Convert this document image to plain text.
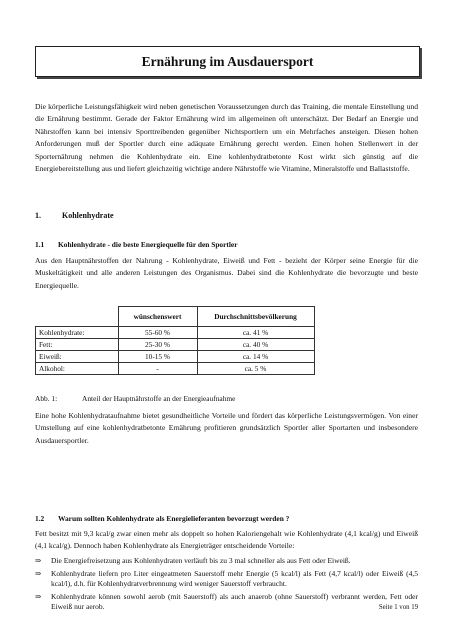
Ernährung im Ausdauersport

Die körperliche Leistungsfähigkeit wird neben genetischen Voraussetzungen durch das Training, die mentale Einstellung und die Ernährung bestimmt. Gerade der Faktor Ernährung wird im allgemeinen oft unterschätzt. Der Bedarf an Energie und Nährstoffen kann bei intensiv Sporttreibenden gegenüber Nichtsportlern um ein Mehrfaches ansteigen. Diesen hohen Anforderungen muß der Sportler durch eine adäquate Ernährung gerecht werden. Einen hohen Stellenwert in der Sporternährung nehmen die Kohlenhydrate ein. Eine kohlenhydratbetonte Kost wirkt sich günstig auf die Energiebereitstellung aus und liefert gleichzeitig wichtige andere Nährstoffe wie Vitamine, Mineralstoffe und Ballaststoffe.

1.	Kohlenhydrate
1.1 Kohlenhydrate - die beste Energiequelle für den Sportler

Aus den Hauptnährstoffen der Nahrung - Kohlenhydrate, Eiweiß und Fett - bezieht der Körper seine Energie für die Muskeltätigkeit und alle anderen Leistungen des Organismus. Dabei sind die Kohlenhydrate die bevorzugte und beste Energiequelle.

	wünschenswert	Durchschnittsbevölkerung
Kohlenhydrate:	55-60 %	ca. 41 %
Fett:	25-30 %	ca. 40 %
Eiweiß:	10-15 %	ca. 14 %
Alkohol:	-	ca. 5 %
Abb. 1:	Anteil der Hauptnährstoffe an der Energieaufnahme

Eine hohe Kohlenhydrataufnahme bietet gesundheitliche Vorteile und fördert das körperliche Leistungsvermögen. Von einer Umstellung auf eine kohlenhydratbetonte Ernährung profitieren grundsätzlich Sportler aller Sportarten und insbesondere Ausdauersportler.

1.2 Warum sollten Kohlenhydrate als Energielieferanten bevorzugt werden ?

Fett besitzt mit 9,3 kcal/g zwar einen mehr als doppelt so hohen Kaloriengehalt wie Kohlenhydrate (4,1 kcal/g) und Eiweiß (4,1 kcal/g). Dennoch haben Kohlenhydrate als Energieträger entscheidende Vorteile:

⇒	Die Energiefreisetzung aus Kohlenhydraten verläuft bis zu 3 mal schneller als aus Fett oder Eiweiß.
⇒	Kohlenhydrate liefern pro Liter eingeatmeten Sauerstoff mehr Energie (5 kcal/l) als Fett (4,7 kcal/l) oder Eiweiß (4,5 kcal/l), d.h. für Kohlenhydratverbrennung wird weniger Sauerstoff verbraucht.
⇒	Kohlenhydrate können sowohl aerob (mit Sauerstoff) als auch anaerob (ohne Sauerstoff) verbrannt werden, Fett oder Eiweiß nur aerob.	Seite 1 von 19
